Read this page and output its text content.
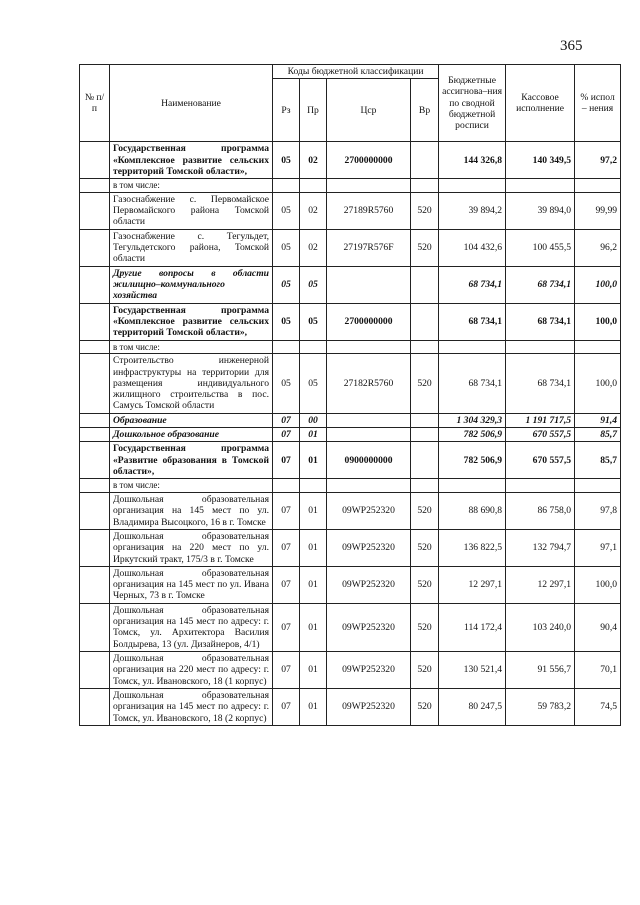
365
№ п/п	Наименование	Коды бюджетной классификации				Бюджетные ассигнова–ния по сводной бюджетной росписи	Кассовое исполнение	% испол – нения
		Рз	Пр	Цср	Вр			
	Государственная программа «Комплексное развитие сельских территорий Томской области»,	05	02	2700000000		144 326,8	140 349,5	97,2
	в том числе:							
	Газоснабжение с. Первомайское Первомайского района Томской области	05	02	27189R5760	520	39 894,2	39 894,0	99,99
	Газоснабжение с. Тегульдет, Тегульдетского района, Томской области	05	02	27197R576F	520	104 432,6	100 455,5	96,2
	Другие вопросы в области жилищно–коммунального хозяйства	05	05			68 734,1	68 734,1	100,0
	Государственная программа «Комплексное развитие сельских территорий Томской области»,	05	05	2700000000		68 734,1	68 734,1	100,0
	в том числе:							
	Строительство инженерной инфраструктуры на территории для размещения индивидуального жилищного строительства в пос. Самусь Томской области	05	05	27182R5760	520	68 734,1	68 734,1	100,0
	Образование	07	00			1 304 329,3	1 191 717,5	91,4
	Дошкольное образование	07	01			782 506,9	670 557,5	85,7
	Государственная программа «Развитие образования в Томской области»,	07	01	0900000000		782 506,9	670 557,5	85,7
	в том числе:							
	Дошкольная образовательная организация на 145 мест по ул. Владимира Высоцкого, 16 в г. Томске	07	01	09WP252320	520	88 690,8	86 758,0	97,8
	Дошкольная образовательная организация на 220 мест по ул. Иркутский тракт, 175/3 в г. Томске	07	01	09WP252320	520	136 822,5	132 794,7	97,1
	Дошкольная образовательная организация на 145 мест по ул. Ивана Черных, 73 в г. Томске	07	01	09WP252320	520	12 297,1	12 297,1	100,0
	Дошкольная образовательная организация на 145 мест по адресу: г. Томск, ул. Архитектора Василия Болдырева, 13 (ул. Дизайнеров, 4/1)	07	01	09WP252320	520	114 172,4	103 240,0	90,4
	Дошкольная образовательная организация на 220 мест по адресу: г. Томск, ул. Ивановского, 18 (1 корпус)	07	01	09WP252320	520	130 521,4	91 556,7	70,1
	Дошкольная образовательная организация на 145 мест по адресу: г. Томск, ул. Ивановского, 18 (2 корпус)	07	01	09WP252320	520	80 247,5	59 783,2	74,5
